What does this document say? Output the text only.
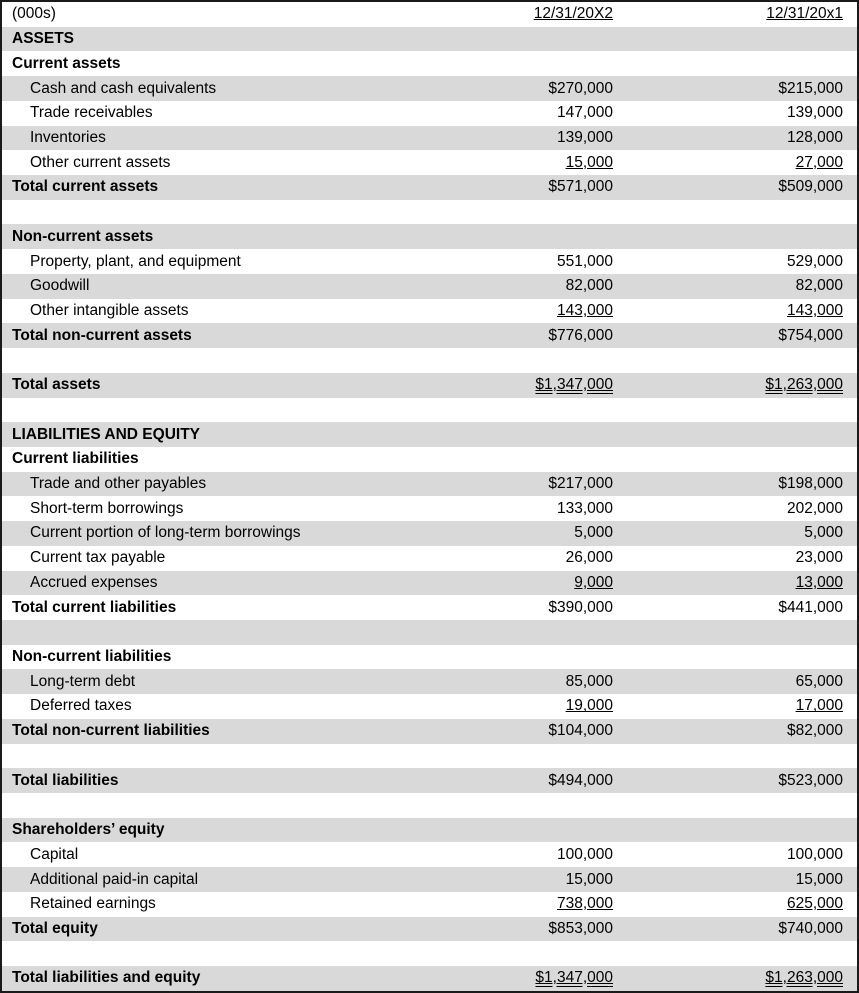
(000s)	12/31/20X2	12/31/20x1
ASSETS
Current assets
Cash and cash equivalents	$270,000	$215,000
Trade receivables	147,000	139,000
Inventories	139,000	128,000
Other current assets	15,000	27,000
Total current assets	$571,000	$509,000
Non-current assets
Property, plant, and equipment	551,000	529,000
Goodwill	82,000	82,000
Other intangible assets	143,000	143,000
Total non-current assets	$776,000	$754,000
Total assets	$1,347,000	$1,263,000
LIABILITIES AND EQUITY
Current liabilities
Trade and other payables	$217,000	$198,000
Short-term borrowings	133,000	202,000
Current portion of long-term borrowings	5,000	5,000
Current tax payable	26,000	23,000
Accrued expenses	9,000	13,000
Total current liabilities	$390,000	$441,000
Non-current liabilities
Long-term debt	85,000	65,000
Deferred taxes	19,000	17,000
Total non-current liabilities	$104,000	$82,000
Total liabilities	$494,000	$523,000
Shareholders’ equity
Capital	100,000	100,000
Additional paid-in capital	15,000	15,000
Retained earnings	738,000	625,000
Total equity	$853,000	$740,000
Total liabilities and equity	$1,347,000	$1,263,000
